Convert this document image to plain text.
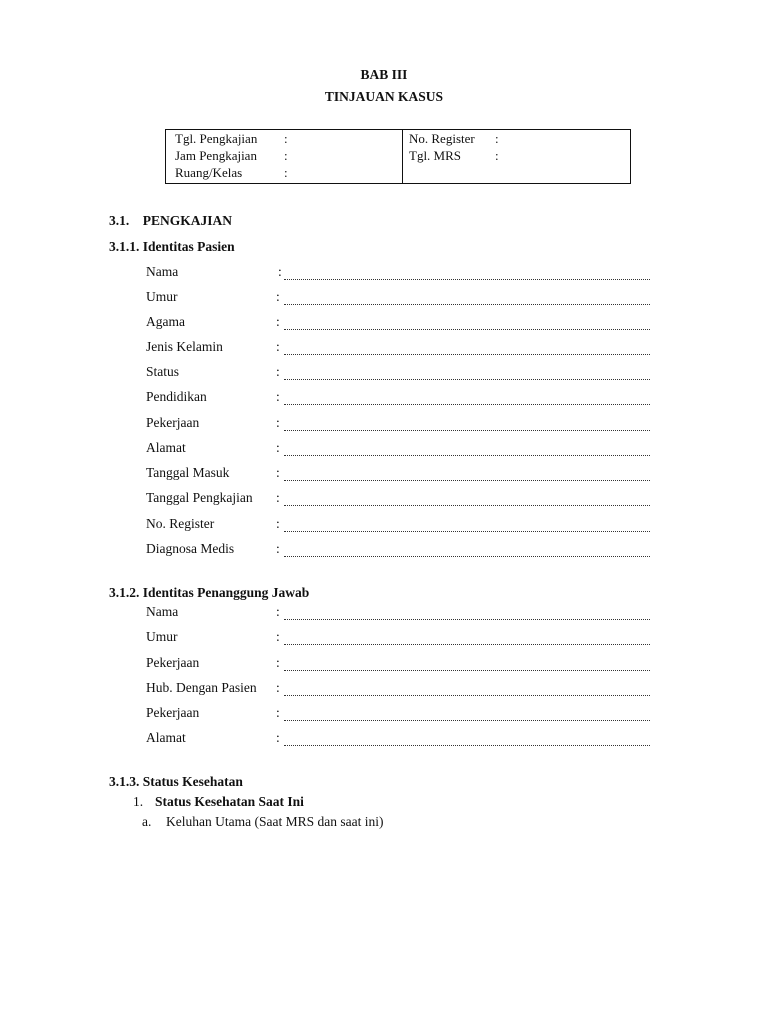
BAB III
TINJAUAN KASUS
Tgl. Pengkajian :
Jam Pengkajian :
Ruang/Kelas	:
No. Register :
Tgl. MRS	:
3.1.    PENGKAJIAN
3.1.1. Identitas Pasien
Nama	:
Umur	:
Agama	:
Jenis Kelamin	:
Status	:
Pendidikan	:
Pekerjaan	:
Alamat	:
Tanggal Masuk	:
Tanggal Pengkajian :
No. Register	:
Diagnosa Medis	:
3.1.2. Identitas Penanggung Jawab
Nama	:
Umur	:
Pekerjaan	:
Hub. Dengan Pasien :
Pekerjaan	:
Alamat	:
3.1.3. Status Kesehatan
1. Status Kesehatan Saat Ini
a. Keluhan Utama (Saat MRS dan saat ini)
